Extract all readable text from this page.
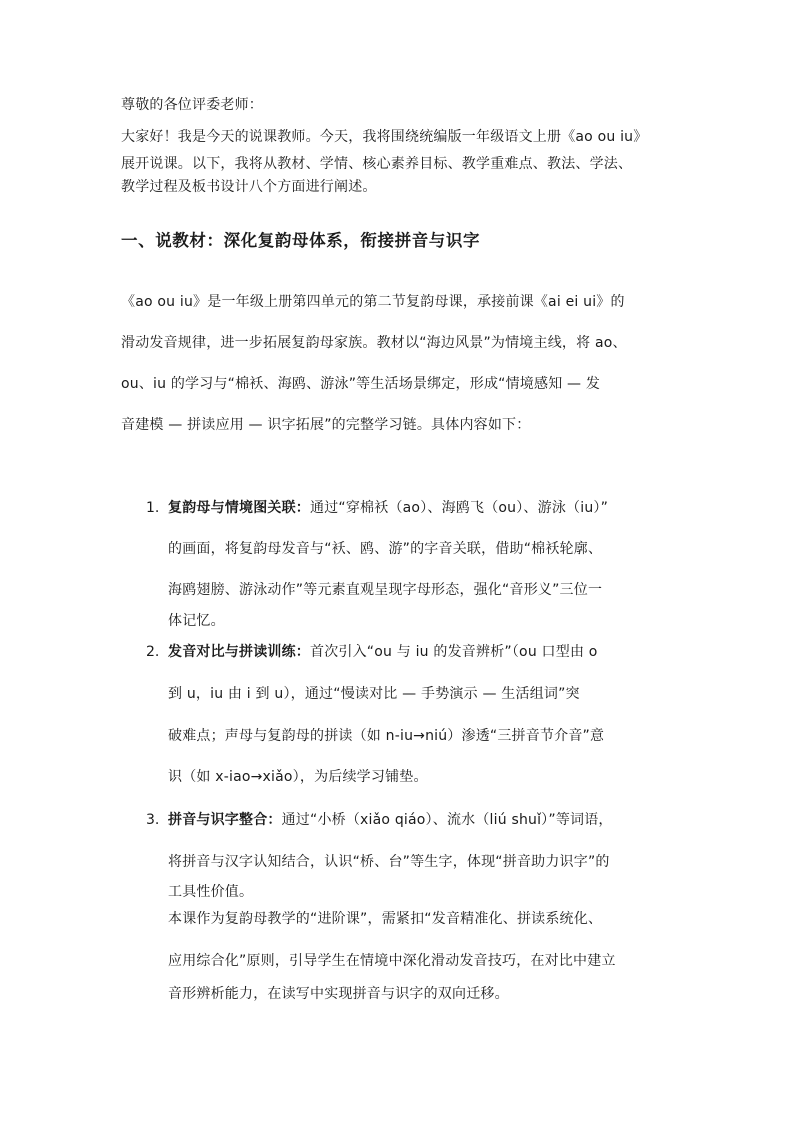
尊敬的各位评委老师：
大家好！我是今天的说课教师。今天，我将围绕统编版一年级语文上册《ao ou iu》
展开说课。以下，我将从教材、学情、核心素养目标、教学重难点、教法、学法、
教学过程及板书设计八个方面进行阐述。
一、说教材：深化复韵母体系，衔接拼音与识字
《ao ou iu》是一年级上册第四单元的第二节复韵母课，承接前课《ai ei ui》的
滑动发音规律，进一步拓展复韵母家族。教材以“海边风景”为情境主线，将 ao、
ou、iu 的学习与“棉袄、海鸥、游泳”等生活场景绑定，形成“情境感知 — 发
音建模 — 拼读应用 — 识字拓展”的完整学习链。具体内容如下：
1. 复韵母与情境图关联：通过“穿棉袄（ao）、海鸥飞（ou）、游泳（iu）”
的画面，将复韵母发音与“袄、鸥、游”的字音关联，借助“棉袄轮廓、
海鸥翅膀、游泳动作”等元素直观呈现字母形态，强化“音形义”三位一
体记忆。
2. 发音对比与拼读训练：首次引入“ou 与 iu 的发音辨析”（ou 口型由 o
到 u，iu 由 i 到 u），通过“慢读对比 — 手势演示 — 生活组词”突
破难点；声母与复韵母的拼读（如 n-iu→niú）渗透“三拼音节介音”意
识（如 x-iao→xiǎo），为后续学习铺垫。
3. 拼音与识字整合：通过“小桥（xiǎo qiáo）、流水（liú shuǐ）”等词语，
将拼音与汉字认知结合，认识“桥、台”等生字，体现“拼音助力识字”的
工具性价值。
本课作为复韵母教学的“进阶课”，需紧扣“发音精准化、拼读系统化、
应用综合化”原则，引导学生在情境中深化滑动发音技巧，在对比中建立
音形辨析能力，在读写中实现拼音与识字的双向迁移。
